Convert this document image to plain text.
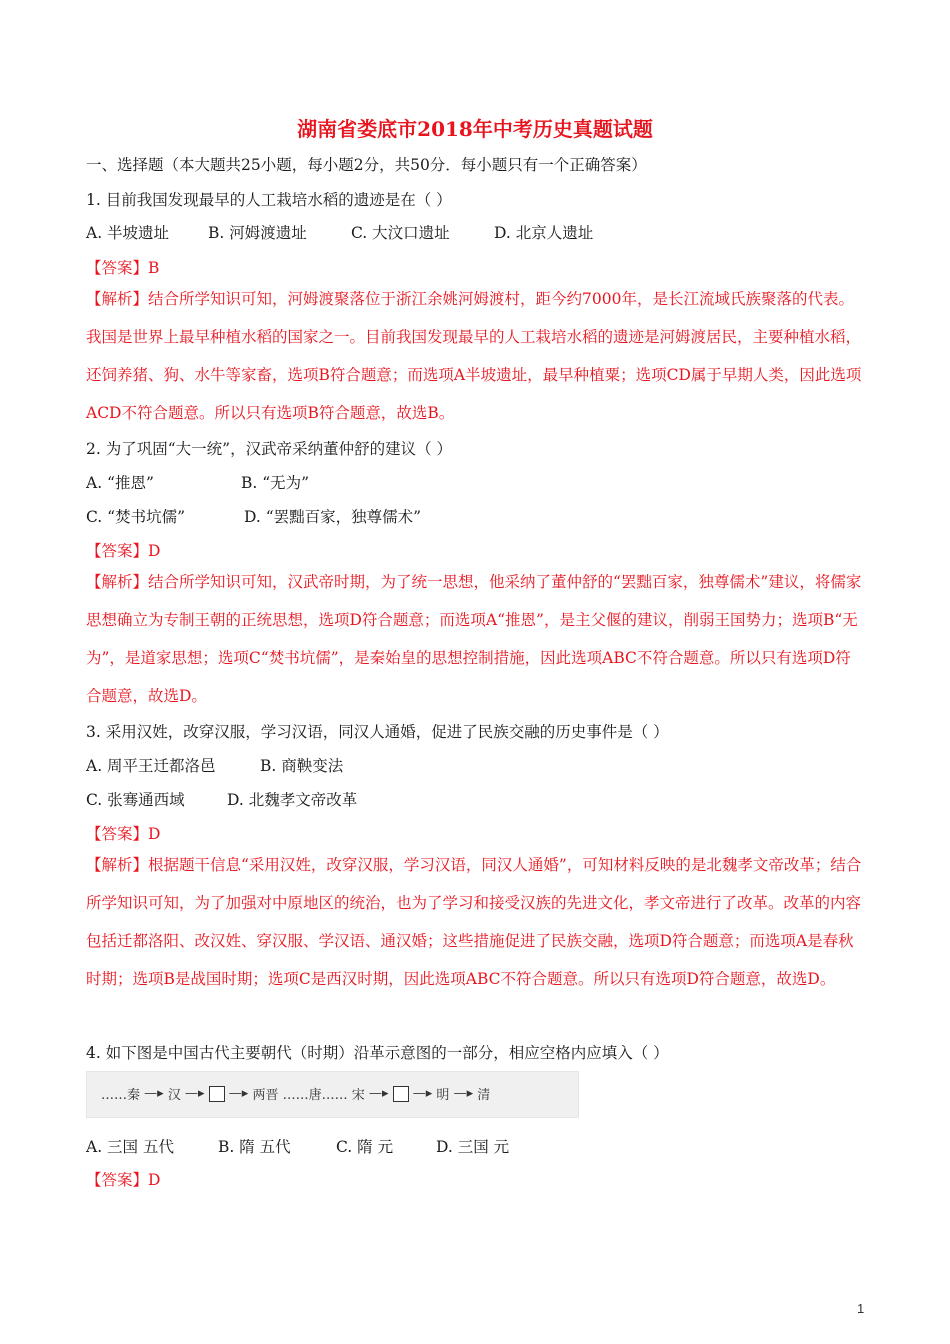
湖南省娄底市2018年中考历史真题试题
一、选择题（本大题共25小题，每小题2分，共50分．每小题只有一个正确答案）
1. 目前我国发现最早的人工栽培水稻的遗迹是在（ ）
A. 半坡遗址	B. 河姆渡遗址	C. 大汶口遗址	D. 北京人遗址
【答案】B
【解析】结合所学知识可知，河姆渡聚落位于浙江余姚河姆渡村，距今约7000年，是长江流域氏族聚落的代表。我国是世界上最早种植水稻的国家之一。目前我国发现最早的人工栽培水稻的遗迹是河姆渡居民，主要种植水稻，还饲养猪、狗、水牛等家畜，选项B符合题意；而选项A半坡遗址，最早种植粟；选项CD属于早期人类，因此选项ACD不符合题意。所以只有选项B符合题意，故选B。
2. 为了巩固“大一统”，汉武帝采纳董仲舒的建议（ ）
A. “推恩”	B. “无为”
C. “焚书坑儒”	D. “罢黜百家，独尊儒术”
【答案】D
【解析】结合所学知识可知，汉武帝时期，为了统一思想，他采纳了董仲舒的“罢黜百家，独尊儒术”建议，将儒家思想确立为专制王朝的正统思想，选项D符合题意；而选项A“推恩”，是主父偃的建议，削弱王国势力；选项B“无为”，是道家思想；选项C“焚书坑儒”，是秦始皇的思想控制措施，因此选项ABC不符合题意。所以只有选项D符合题意，故选D。
3. 采用汉姓，改穿汉服，学习汉语，同汉人通婚，促进了民族交融的历史事件是（ ）
A. 周平王迁都洛邑	B. 商鞅变法
C. 张骞通西域	D. 北魏孝文帝改革
【答案】D
【解析】根据题干信息“采用汉姓，改穿汉服，学习汉语，同汉人通婚”，可知材料反映的是北魏孝文帝改革；结合所学知识可知，为了加强对中原地区的统治，也为了学习和接受汉族的先进文化，孝文帝进行了改革。改革的内容包括迁都洛阳、改汉姓、穿汉服、学汉语、通汉婚；这些措施促进了民族交融，选项D符合题意；而选项A是春秋时期；选项B是战国时期；选项C是西汉时期，因此选项ABC不符合题意。所以只有选项D符合题意，故选D。
4. 如下图是中国古代主要朝代（时期）沿革示意图的一部分，相应空格内应填入（ ）
……秦 —▸ 汉 —▸ —▸ 两晋 ……唐…… 宋 —▸ —▸ 明 —▸ 清
A. 三国 五代	B. 隋 五代	C. 隋 元	D. 三国 元
【答案】D
1
